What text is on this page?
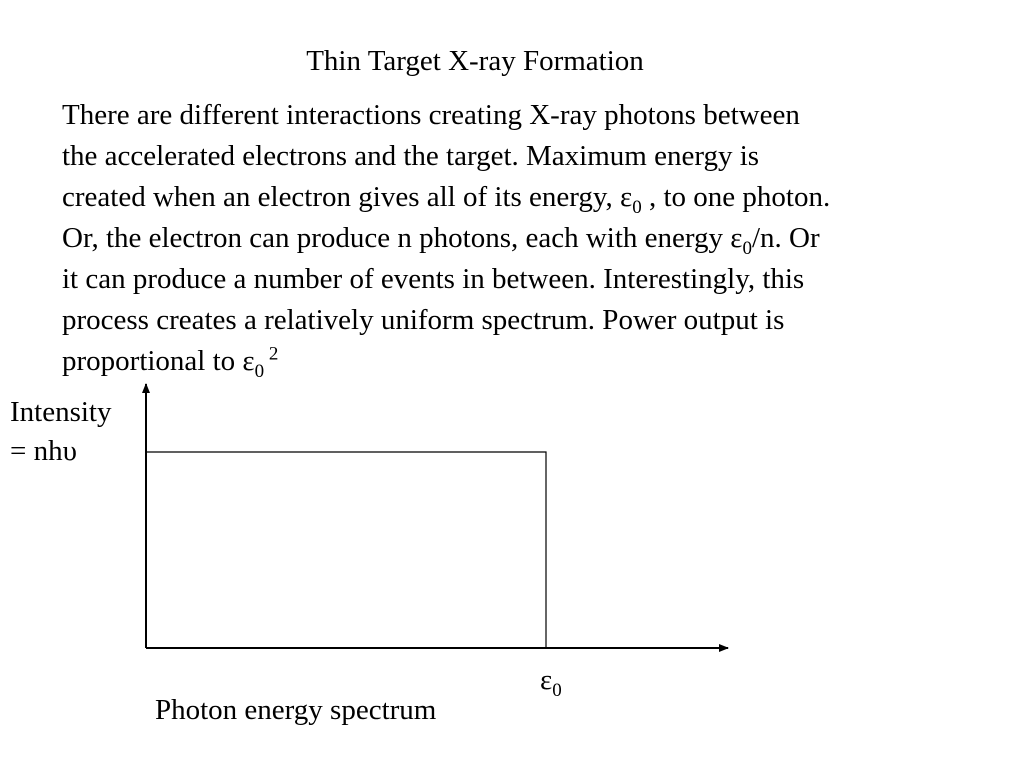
Thin Target X-ray Formation
There are different interactions creating X-ray photons between
the accelerated electrons and the target. Maximum energy is
created when an electron gives all of its energy, $\varepsilon_0$ , to one photon.
Or, the electron can produce n photons, each with energy $\varepsilon_0/n$. Or
it can produce a number of events in between. Interestingly, this
process creates a relatively uniform spectrum. Power output is
proportional to $\varepsilon_0$ $^2$
Intensity
= nhυ
$\varepsilon_0$
Photon energy spectrum
